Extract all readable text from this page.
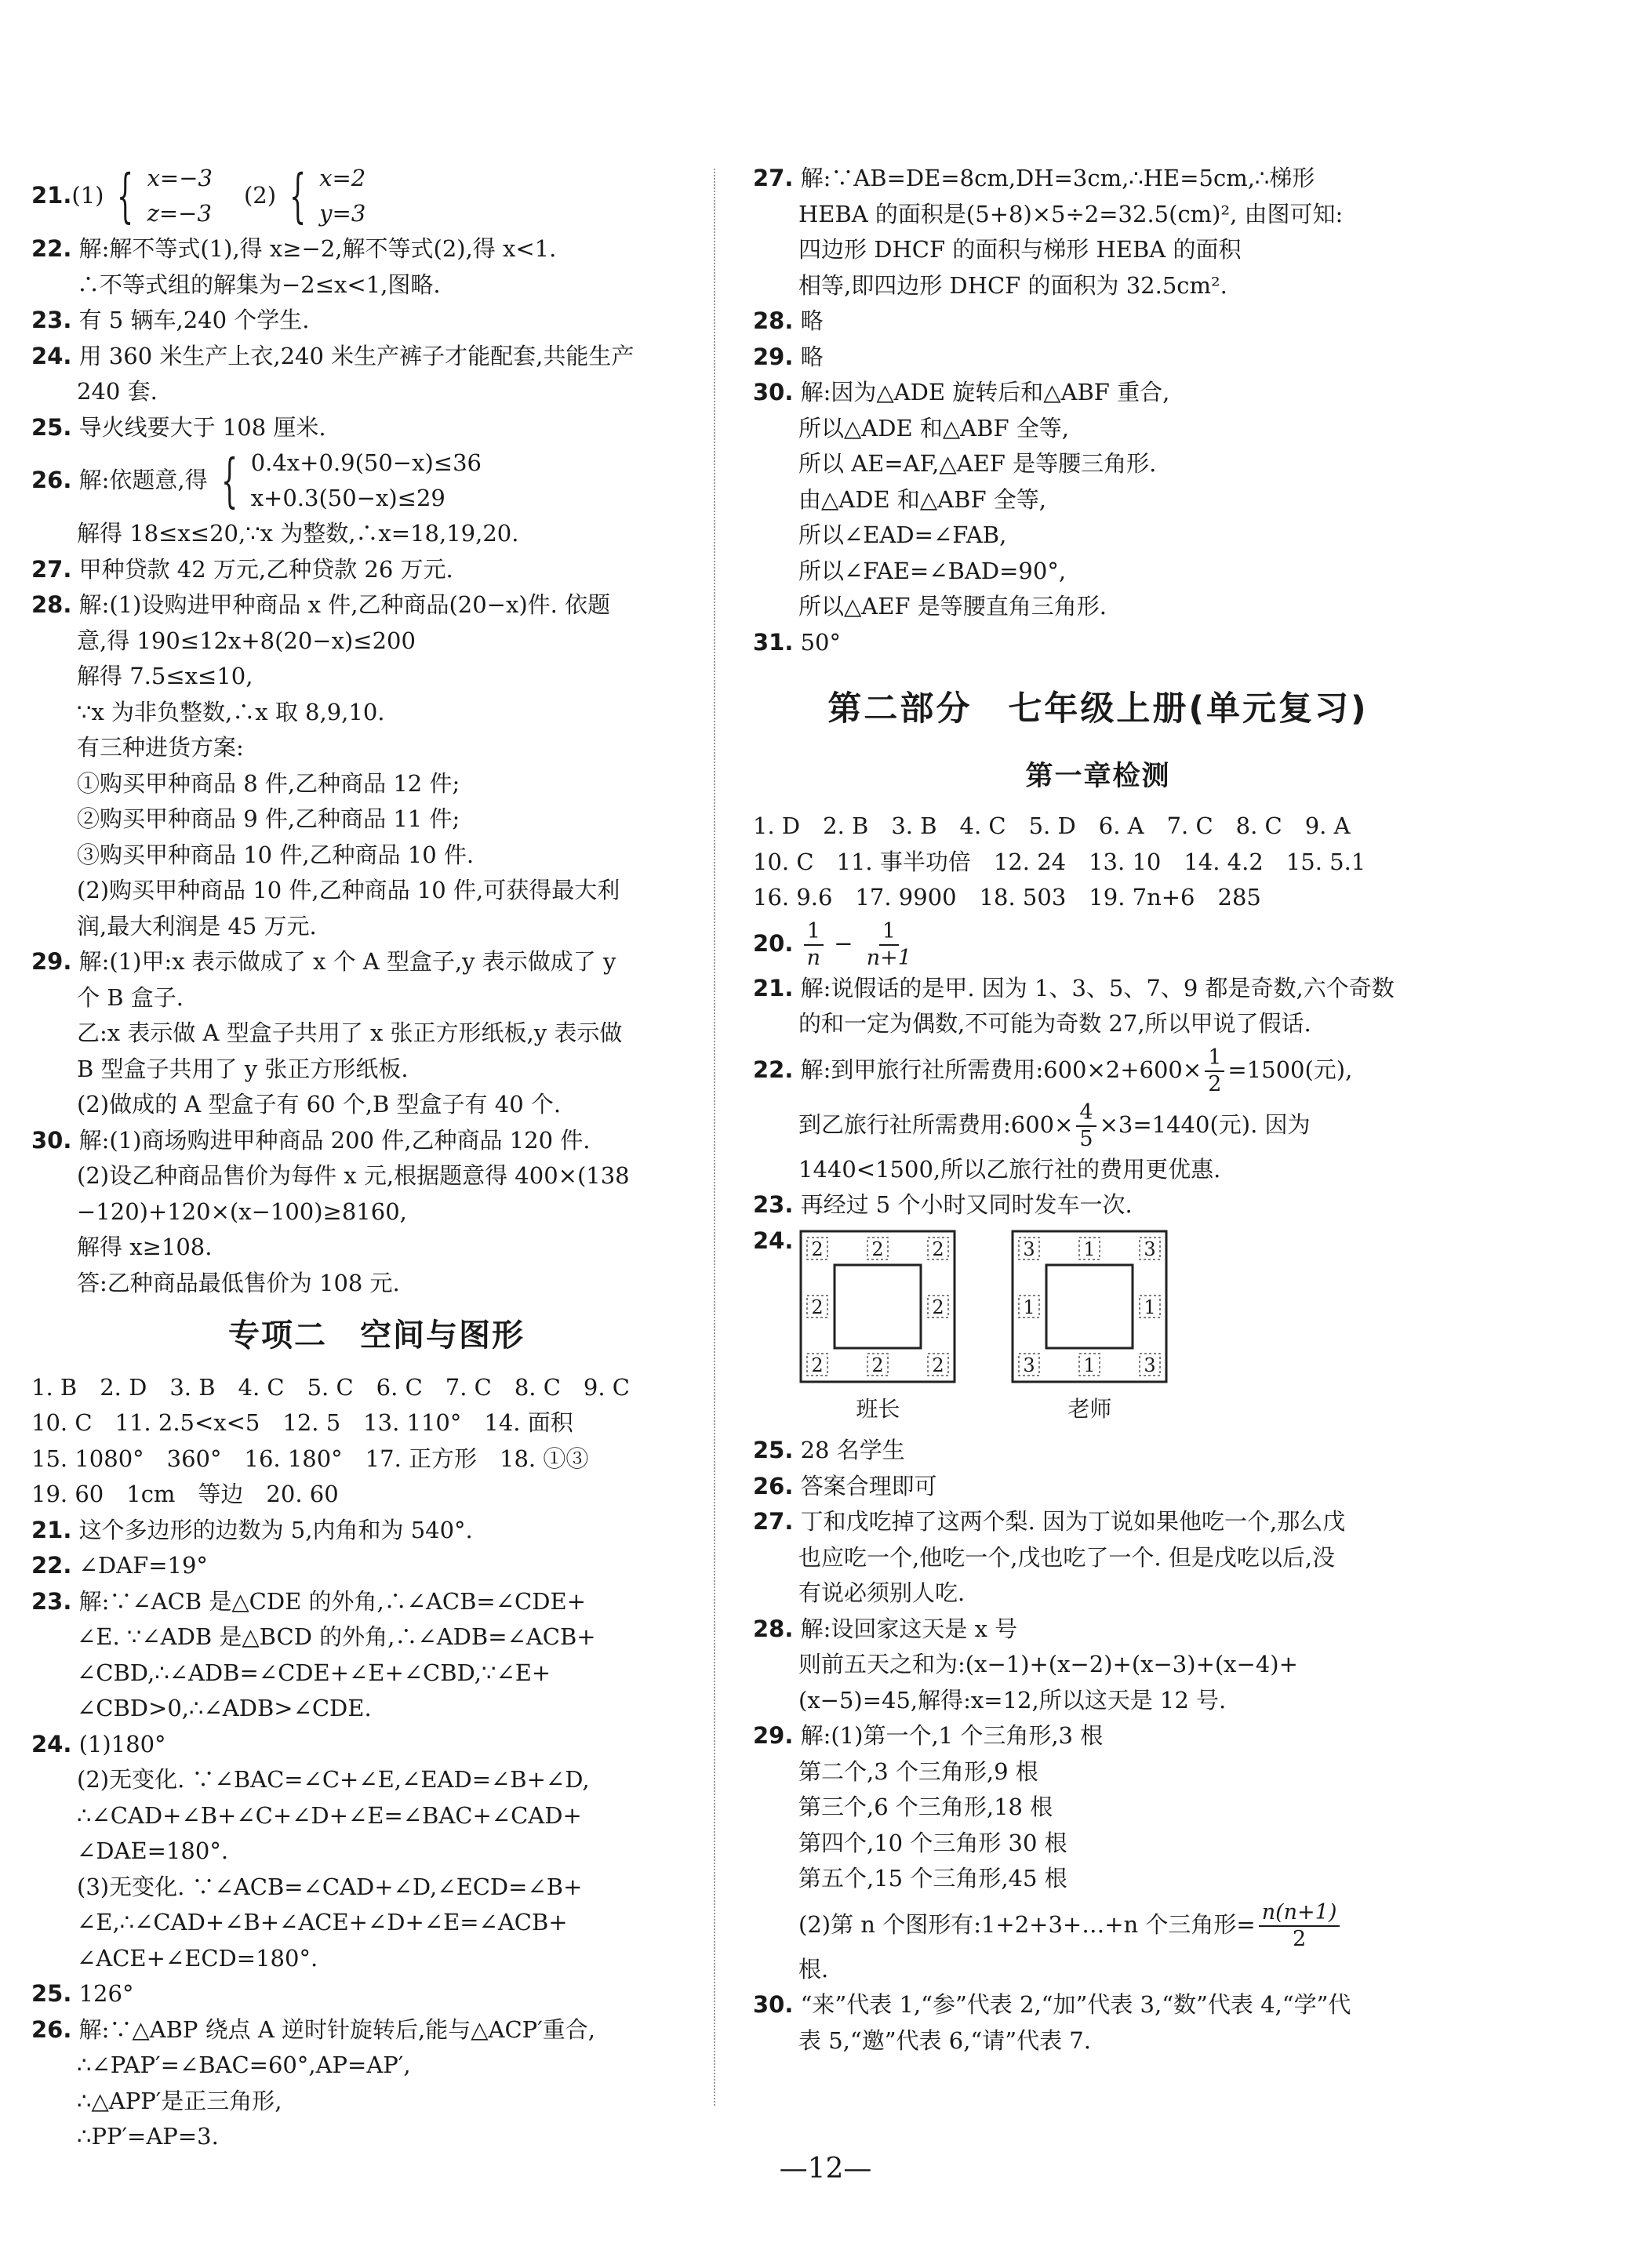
21. (1) { x=−3
z=−3
(2) { x=2
y=3
22. 解:解不等式(1),得 x≥−2,解不等式(2),得 x<1.
∴不等式组的解集为−2≤x<1,图略.
23. 有 5 辆车,240 个学生.
24. 用 360 米生产上衣,240 米生产裤子才能配套,共能生产
240 套.
25. 导火线要大于 108 厘米.
26.
解:依题意,得 { 0.4x+0.9(50−x)≤36
x+0.3(50−x)≤29
解得 18≤x≤20,∵x 为整数,∴x=18,19,20.
27. 甲种贷款 42 万元,乙种贷款 26 万元.
28. 解:(1)设购进甲种商品 x 件,乙种商品(20−x)件. 依题
意,得 190≤12x+8(20−x)≤200
解得 7.5≤x≤10,
∵x 为非负整数,∴x 取 8,9,10.
有三种进货方案:
①购买甲种商品 8 件,乙种商品 12 件;
②购买甲种商品 9 件,乙种商品 11 件;
③购买甲种商品 10 件,乙种商品 10 件.
(2)购买甲种商品 10 件,乙种商品 10 件,可获得最大利
润,最大利润是 45 万元.
29. 解:(1)甲:x 表示做成了 x 个 A 型盒子,y 表示做成了 y
个 B 盒子.
乙:x 表示做 A 型盒子共用了 x 张正方形纸板,y 表示做
B 型盒子共用了 y 张正方形纸板.
(2)做成的 A 型盒子有 60 个,B 型盒子有 40 个.
30. 解:(1)商场购进甲种商品 200 件,乙种商品 120 件.
(2)设乙种商品售价为每件 x 元,根据题意得 400×(138
−120)+120×(x−100)≥8160,
解得 x≥108.
答:乙种商品最低售价为 108 元.
专项二　空间与图形
1. B　2. D　3. B　4. C　5. C　6. C　7. C　8. C　9. C
10. C　11. 2.5<x<5　12. 5　13. 110°　14. 面积
15. 1080°　360°　16. 180°　17. 正方形　18. ①③
19. 60　1cm　等边　20. 60
21. 这个多边形的边数为 5,内角和为 540°.
22. ∠DAF=19°
23. 解:∵∠ACB 是△CDE 的外角,∴∠ACB=∠CDE+
∠E. ∵∠ADB 是△BCD 的外角,∴∠ADB=∠ACB+
∠CBD,∴∠ADB=∠CDE+∠E+∠CBD,∵∠E+
∠CBD>0,∴∠ADB>∠CDE.
24. (1)180°
(2)无变化. ∵∠BAC=∠C+∠E,∠EAD=∠B+∠D,
∴∠CAD+∠B+∠C+∠D+∠E=∠BAC+∠CAD+
∠DAE=180°.
(3)无变化. ∵∠ACB=∠CAD+∠D,∠ECD=∠B+
∠E,∴∠CAD+∠B+∠ACE+∠D+∠E=∠ACB+
∠ACE+∠ECD=180°.
25. 126°
26. 解:∵△ABP 绕点 A 逆时针旋转后,能与△ACP′重合,
∴∠PAP′=∠BAC=60°,AP=AP′,
∴△APP′是正三角形,
∴PP′=AP=3.
27. 解:∵AB=DE=8cm,DH=3cm,∴HE=5cm,∴梯形
HEBA 的面积是(5+8)×5÷2=32.5(cm)², 由图可知:
四边形 DHCF 的面积与梯形 HEBA 的面积
相等,即四边形 DHCF 的面积为 32.5cm².
28. 略
29. 略
30. 解:因为△ADE 旋转后和△ABF 重合,
所以△ADE 和△ABF 全等,
所以 AE=AF,△AEF 是等腰三角形.
由△ADE 和△ABF 全等,
所以∠EAD=∠FAB,
所以∠FAE=∠BAD=90°,
所以△AEF 是等腰直角三角形.
31. 50°
第二部分　七年级上册(单元复习)
第一章检测
1. D　2. B　3. B　4. C　5. D　6. A　7. C　8. C　9. A
10. C　11. 事半功倍　12. 24　13. 10　14. 4.2　15. 5.1
16. 9.6　17. 9900　18. 503　19. 7n+6　285
20. $\frac{1}{n} - \frac{1}{n+1}$
21. 解:说假话的是甲. 因为 1、3、5、7、9 都是奇数,六个奇数
的和一定为偶数,不可能为奇数 27,所以甲说了假话.
22. 解:到甲旅行社所需费用:600×2+600× $\frac{1}{2} =1500$(元),
到乙旅行社所需费用:600× $\frac{4}{5} \times 3=1440$(元). 因为
1440<1500,所以乙旅行社的费用更优惠.
23. 再经过 5 个小时又同时发车一次.
24. 2	2	2
2	2
2	2	2
班长
3	1	3
1	1
3	1	3
老师
25. 28 名学生
26. 答案合理即可
27. 丁和戊吃掉了这两个梨. 因为丁说如果他吃一个,那么戊
也应吃一个,他吃一个,戊也吃了一个. 但是戊吃以后,没
有说必须别人吃.
28. 解:设回家这天是 x 号
则前五天之和为:(x−1)+(x−2)+(x−3)+(x−4)+
(x−5)=45,解得:x=12,所以这天是 12 号.
29. 解:(1)第一个,1 个三角形,3 根
第二个,3 个三角形,9 根
第三个,6 个三角形,18 根
第四个,10 个三角形 30 根
第五个,15 个三角形,45 根
(2)第 n 个图形有:1+2+3+…+n 个三角形= $\frac{n(n+1)}{2}$
根.
30. “来”代表 1,“参”代表 2,“加”代表 3,“数”代表 4,“学”代
表 5,“邀”代表 6,“请”代表 7.
—12—
